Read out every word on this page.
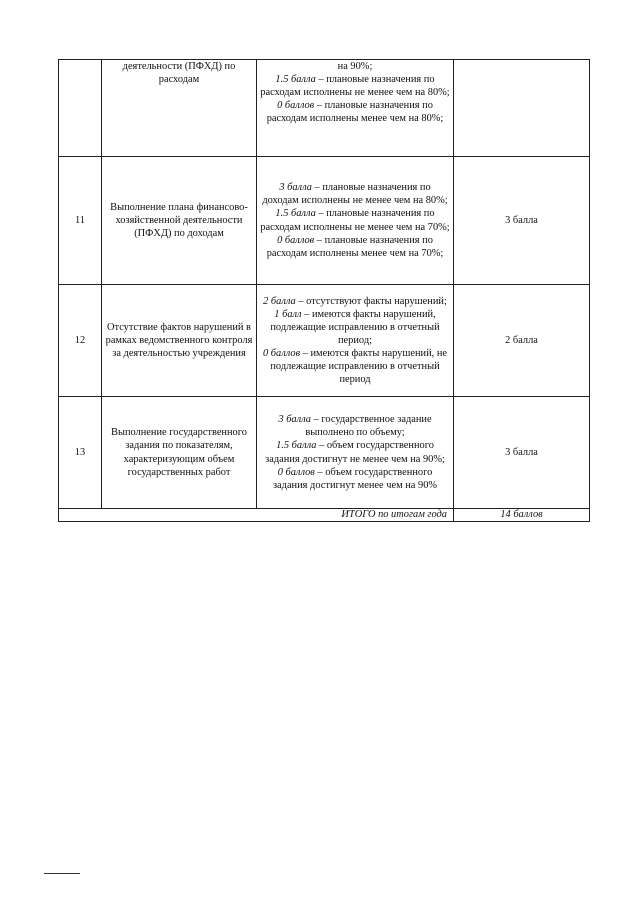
	деятельности (ПФХД) по расходам	на 90%;
1.5 балла – плановые назначения по расходам исполнены не менее чем на 80%;
0 баллов – плановые назначения по расходам исполнены менее чем на 80%;	

11	Выполнение плана финансово-хозяйственной деятельности (ПФХД) по доходам	3 балла – плановые назначения по доходам исполнены не менее чем на 80%;
1.5 балла – плановые назначения по расходам исполнены не менее чем на 70%;
0 баллов – плановые назначения по расходам исполнены менее чем на 70%;	3 балла
12	Отсутствие фактов нарушений в рамках ведомственного контроля за деятельностью учреждения	2 балла – отсутствуют факты нарушений;
1 балл – имеются факты нарушений, подлежащие исправлению в отчетный период;
0 баллов – имеются факты нарушений, не подлежащие исправлению в отчетный период	2 балла
13	Выполнение государственного задания по показателям, характеризующим объем государственных работ	3 балла – государственное задание выполнено по объему;
1.5 балла – объем государственного задания достигнут не менее чем на 90%;
0 баллов – объем государственного задания достигнут менее чем на 90%	3 балла
ИТОГО по итогам года			14 баллов
